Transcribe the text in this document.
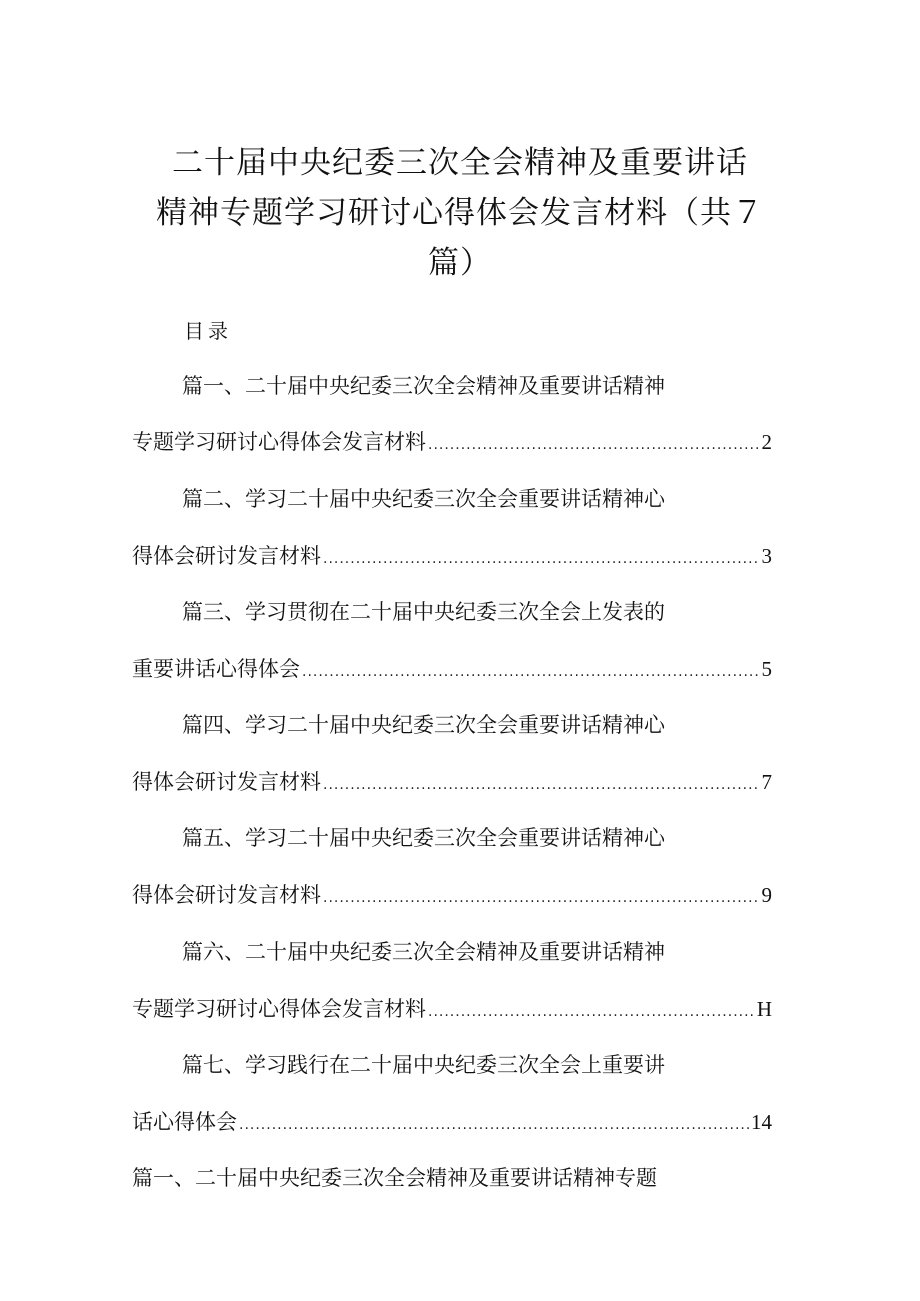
二十届中央纪委三次全会精神及重要讲话
精神专题学习研讨心得体会发言材料（共７
篇）
目录
篇一、二十届中央纪委三次全会精神及重要讲话精神
专题学习研讨心得体会发言材料 .....	2
篇二、学习二十届中央纪委三次全会重要讲话精神心
得体会研讨发言材料 .....	3
篇三、学习贯彻在二十届中央纪委三次全会上发表的
重要讲话心得体会 .....	5
篇四、学习二十届中央纪委三次全会重要讲话精神心
得体会研讨发言材料 .....	7
篇五、学习二十届中央纪委三次全会重要讲话精神心
得体会研讨发言材料 .....	9
篇六、二十届中央纪委三次全会精神及重要讲话精神
专题学习研讨心得体会发言材料 .....	H
篇七、学习践行在二十届中央纪委三次全会上重要讲
话心得体会 .....	14
篇一、二十届中央纪委三次全会精神及重要讲话精神专题
